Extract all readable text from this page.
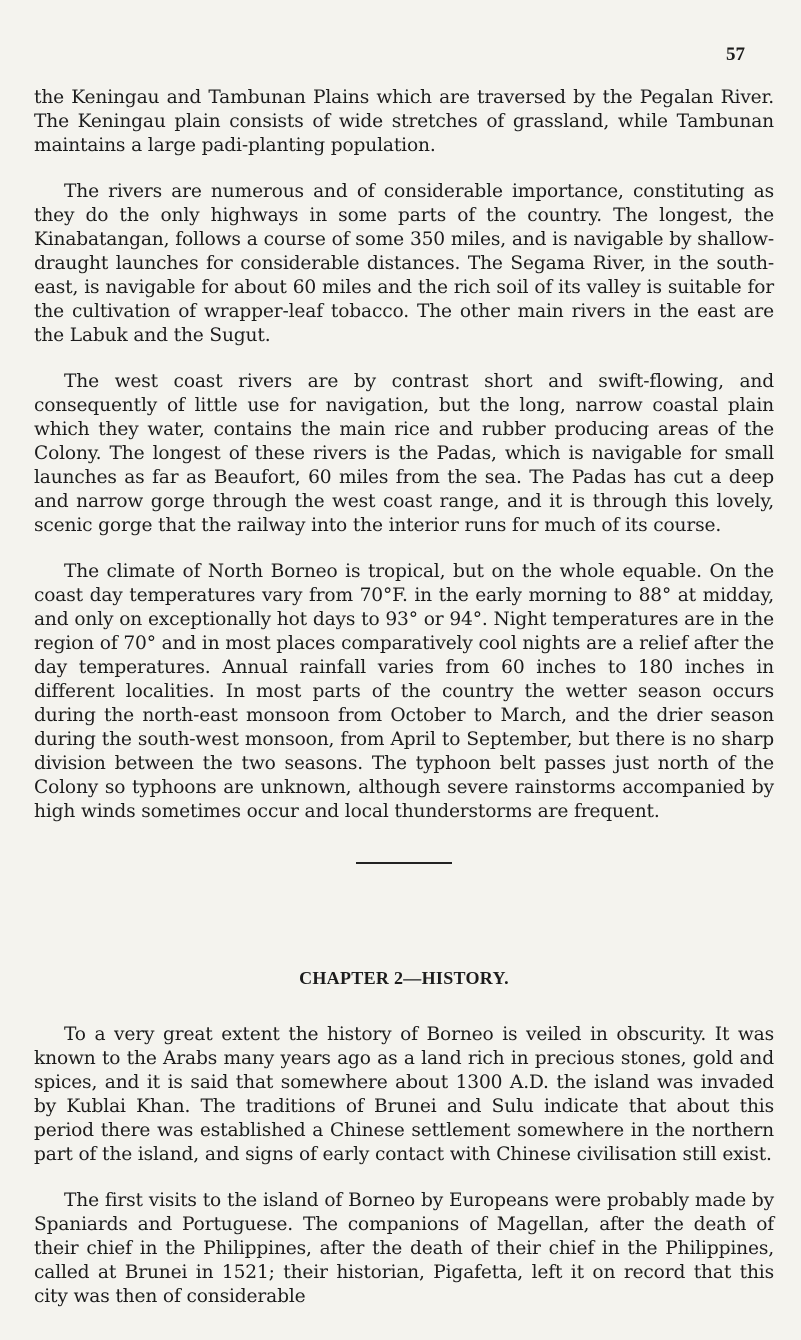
57

the Keningau and Tambunan Plains which are traversed by the Pegalan River. The Keningau plain consists of wide stretches of grassland, while Tambunan maintains a large padi-planting population.

The rivers are numerous and of considerable importance, constituting as they do the only highways in some parts of the country. The longest, the Kinabatangan, follows a course of some 350 miles, and is navigable by shallow-draught launches for considerable distances. The Segama River, in the south-east, is navigable for about 60 miles and the rich soil of its valley is suitable for the cultivation of wrapper-leaf tobacco. The other main rivers in the east are the Labuk and the Sugut.

The west coast rivers are by contrast short and swift-flowing, and consequently of little use for navigation, but the long, narrow coastal plain which they water, contains the main rice and rubber producing areas of the Colony. The longest of these rivers is the Padas, which is navigable for small launches as far as Beaufort, 60 miles from the sea. The Padas has cut a deep and narrow gorge through the west coast range, and it is through this lovely, scenic gorge that the railway into the interior runs for much of its course.

The climate of North Borneo is tropical, but on the whole equable. On the coast day temperatures vary from 70°F. in the early morning to 88° at midday, and only on exceptionally hot days to 93° or 94°. Night temperatures are in the region of 70° and in most places comparatively cool nights are a relief after the day temperatures. Annual rainfall varies from 60 inches to 180 inches in different localities. In most parts of the country the wetter season occurs during the north-east monsoon from October to March, and the drier season during the south-west monsoon, from April to September, but there is no sharp division between the two seasons. The typhoon belt passes just north of the Colony so typhoons are unknown, although severe rainstorms accompanied by high winds sometimes occur and local thunderstorms are frequent.

CHAPTER 2—HISTORY.

To a very great extent the history of Borneo is veiled in obscurity. It was known to the Arabs many years ago as a land rich in precious stones, gold and spices, and it is said that somewhere about 1300 A.D. the island was invaded by Kublai Khan. The traditions of Brunei and Sulu indicate that about this period there was established a Chinese settlement somewhere in the northern part of the island, and signs of early contact with Chinese civilisation still exist.

The first visits to the island of Borneo by Europeans were probably made by Spaniards and Portuguese. The companions of Magellan, after the death of their chief in the Philippines, after the death of their chief in the Philippines, called at Brunei in 1521; their historian, Pigafetta, left it on record that this city was then of considerable
